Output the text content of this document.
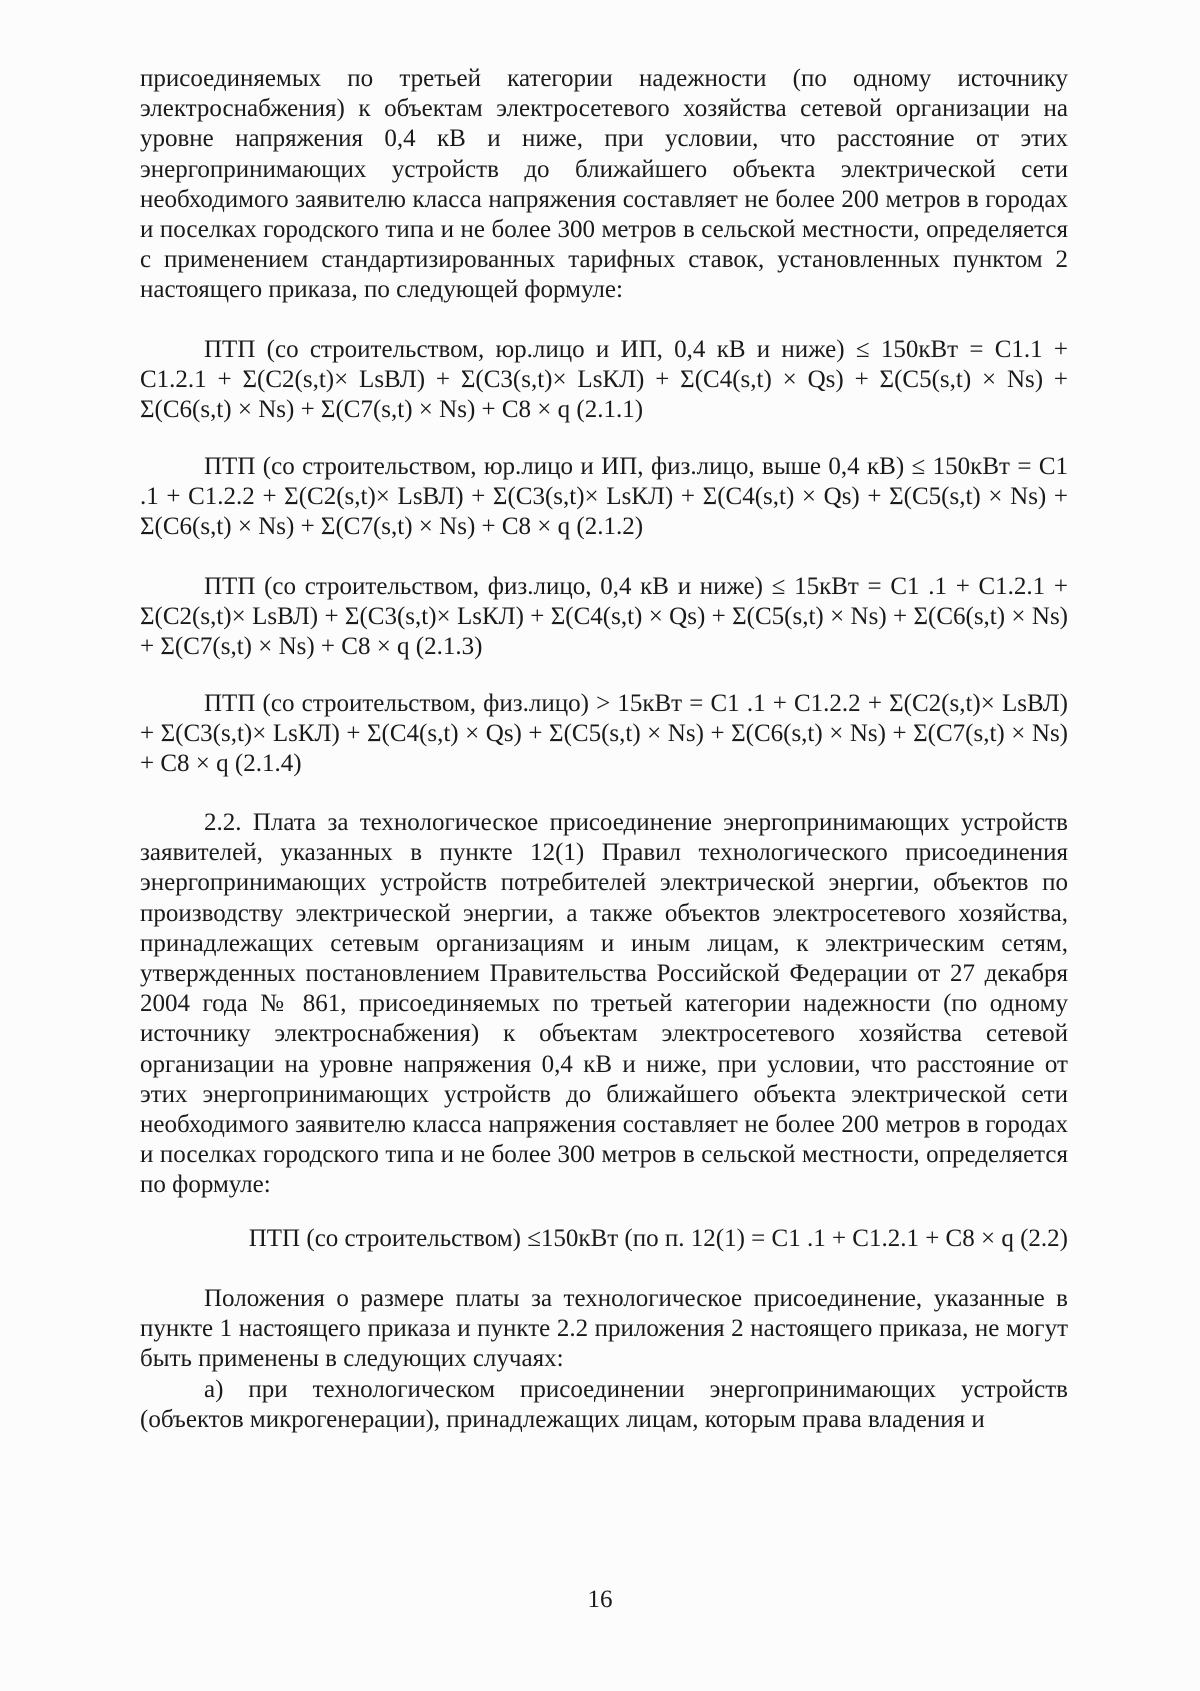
присоединяемых по третьей категории надежности (по одному источнику электроснабжения) к объектам электросетевого хозяйства сетевой организации на уровне напряжения 0,4 кВ и ниже, при условии, что расстояние от этих энергопринимающих устройств до ближайшего объекта электрической сети необходимого заявителю класса напряжения составляет не более 200 метров в городах и поселках городского типа и не более 300 метров в сельской местности, определяется с применением стандартизированных тарифных ставок, установленных пунктом 2 настоящего приказа, по следующей формуле:

ПТП (со строительством, юр.лицо и ИП, 0,4 кВ и ниже) ≤ 150кВт = С1.1 + С1.2.1 + Σ(С2(s,t)× LsВЛ) + Σ(С3(s,t)× LsКЛ) + Σ(С4(s,t) × Qs) + Σ(С5(s,t) × Ns) + Σ(С6(s,t) × Ns) + Σ(С7(s,t) × Ns) + С8 × q (2.1.1)

ПТП (со строительством, юр.лицо и ИП, физ.лицо, выше 0,4 кВ) ≤ 150кВт = С1 .1 + С1.2.2 + Σ(С2(s,t)× LsВЛ) + Σ(С3(s,t)× LsКЛ) + Σ(С4(s,t) × Qs) + Σ(С5(s,t) × Ns) + Σ(С6(s,t) × Ns) + Σ(С7(s,t) × Ns) + С8 × q (2.1.2)

ПТП (со строительством, физ.лицо, 0,4 кВ и ниже) ≤ 15кВт = С1 .1 + С1.2.1 + Σ(С2(s,t)× LsВЛ) + Σ(С3(s,t)× LsКЛ) + Σ(С4(s,t) × Qs) + Σ(С5(s,t) × Ns) + Σ(С6(s,t) × Ns) + Σ(С7(s,t) × Ns) + С8 × q (2.1.3)

ПТП (со строительством, физ.лицо) > 15кВт = С1 .1 + С1.2.2 + Σ(С2(s,t)× LsВЛ) + Σ(С3(s,t)× LsКЛ) + Σ(С4(s,t) × Qs) + Σ(С5(s,t) × Ns) + Σ(С6(s,t) × Ns) + Σ(С7(s,t) × Ns) + С8 × q (2.1.4)

2.2. Плата за технологическое присоединение энергопринимающих устройств заявителей, указанных в пункте 12(1) Правил технологического присоединения энергопринимающих устройств потребителей электрической энергии, объектов по производству электрической энергии, а также объектов электросетевого хозяйства, принадлежащих сетевым организациям и иным лицам, к электрическим сетям, утвержденных постановлением Правительства Российской Федерации от 27 декабря 2004 года № 861, присоединяемых по третьей категории надежности (по одному источнику электроснабжения) к объектам электросетевого хозяйства сетевой организации на уровне напряжения 0,4 кВ и ниже, при условии, что расстояние от этих энергопринимающих устройств до ближайшего объекта электрической сети необходимого заявителю класса напряжения составляет не более 200 метров в городах и поселках городского типа и не более 300 метров в сельской местности, определяется по формуле:

ПТП (со строительством) ≤150кВт (по п. 12(1) = С1 .1 + С1.2.1 + С8 × q (2.2)

Положения о размере платы за технологическое присоединение, указанные в пункте 1 настоящего приказа и пункте 2.2 приложения 2 настоящего приказа, не могут быть применены в следующих случаях:

а) при технологическом присоединении энергопринимающих устройств (объектов микрогенерации), принадлежащих лицам, которым права владения и

16
